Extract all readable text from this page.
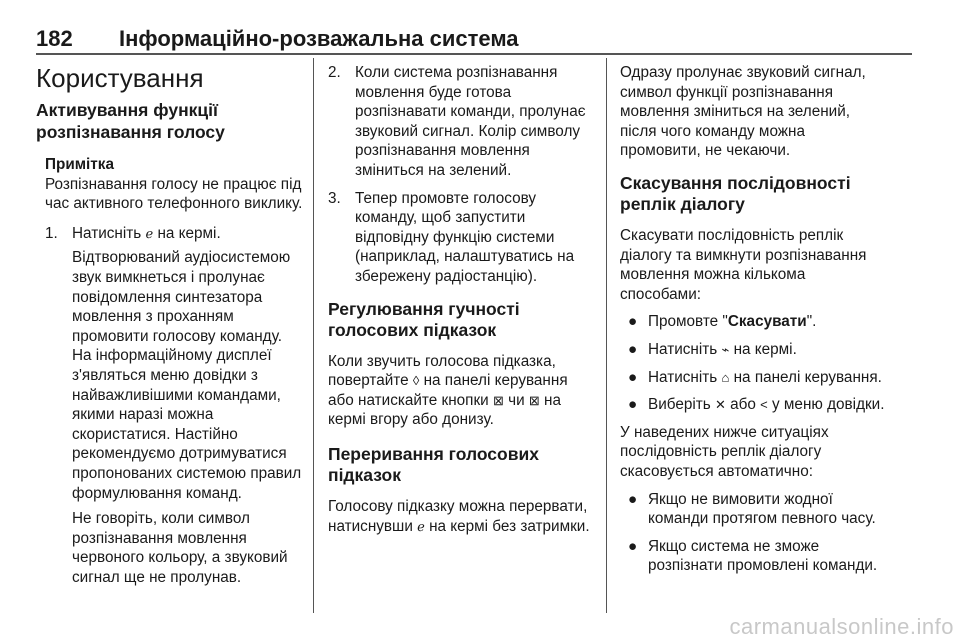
182 Інформаційно-розважальна система
Користування
Активування функції розпізнавання голосу
Примітка
Розпізнавання голосу не працює під час активного телефонного виклику.
1. Натисніть ℯ на кермі.
Відтворюваний аудіосистемою звук вимкнеться і пролунає повідомлення синтезатора мовлення з проханням промовити голосову команду. На інформаційному дисплеї з'являться меню довідки з найважливішими командами, якими наразі можна скористатися. Настійно рекомендуємо дотримуватися пропонованих системою правил формулювання команд.
Не говоріть, коли символ розпізнавання мовлення червоного кольору, а звуковий сигнал ще не пролунав.
2. Коли система розпізнавання мовлення буде готова розпізнавати команди, пролунає звуковий сигнал. Колір символу розпізнавання мовлення зміниться на зелений.
3. Тепер промовте голосову команду, щоб запустити відповідну функцію системи (наприклад, налаштуватись на збережену радіостанцію).
Регулювання гучності голосових підказок
Коли звучить голосова підказка, повертайте ◊ на панелі керування або натискайте кнопки ⊠ чи ⊠ на кермі вгору або донизу.
Переривання голосових підказок
Голосову підказку можна перервати, натиснувши ℯ на кермі без затримки.
Одразу пролунає звуковий сигнал, символ функції розпізнавання мовлення зміниться на зелений, після чого команду можна промовити, не чекаючи.
Скасування послідовності реплік діалогу
Скасувати послідовність реплік діалогу та вимкнути розпізнавання мовлення можна кількома способами:
● Промовте "Скасувати".
● Натисніть ⌁ на кермі.
● Натисніть ⌂ на панелі керування.
● Виберіть ✕ або < у меню довідки.
У наведених нижче ситуаціях послідовність реплік діалогу скасовується автоматично:
● Якщо не вимовити жодної команди протягом певного часу.
● Якщо система не зможе розпізнати промовлені команди.
carmanualsonline.info
